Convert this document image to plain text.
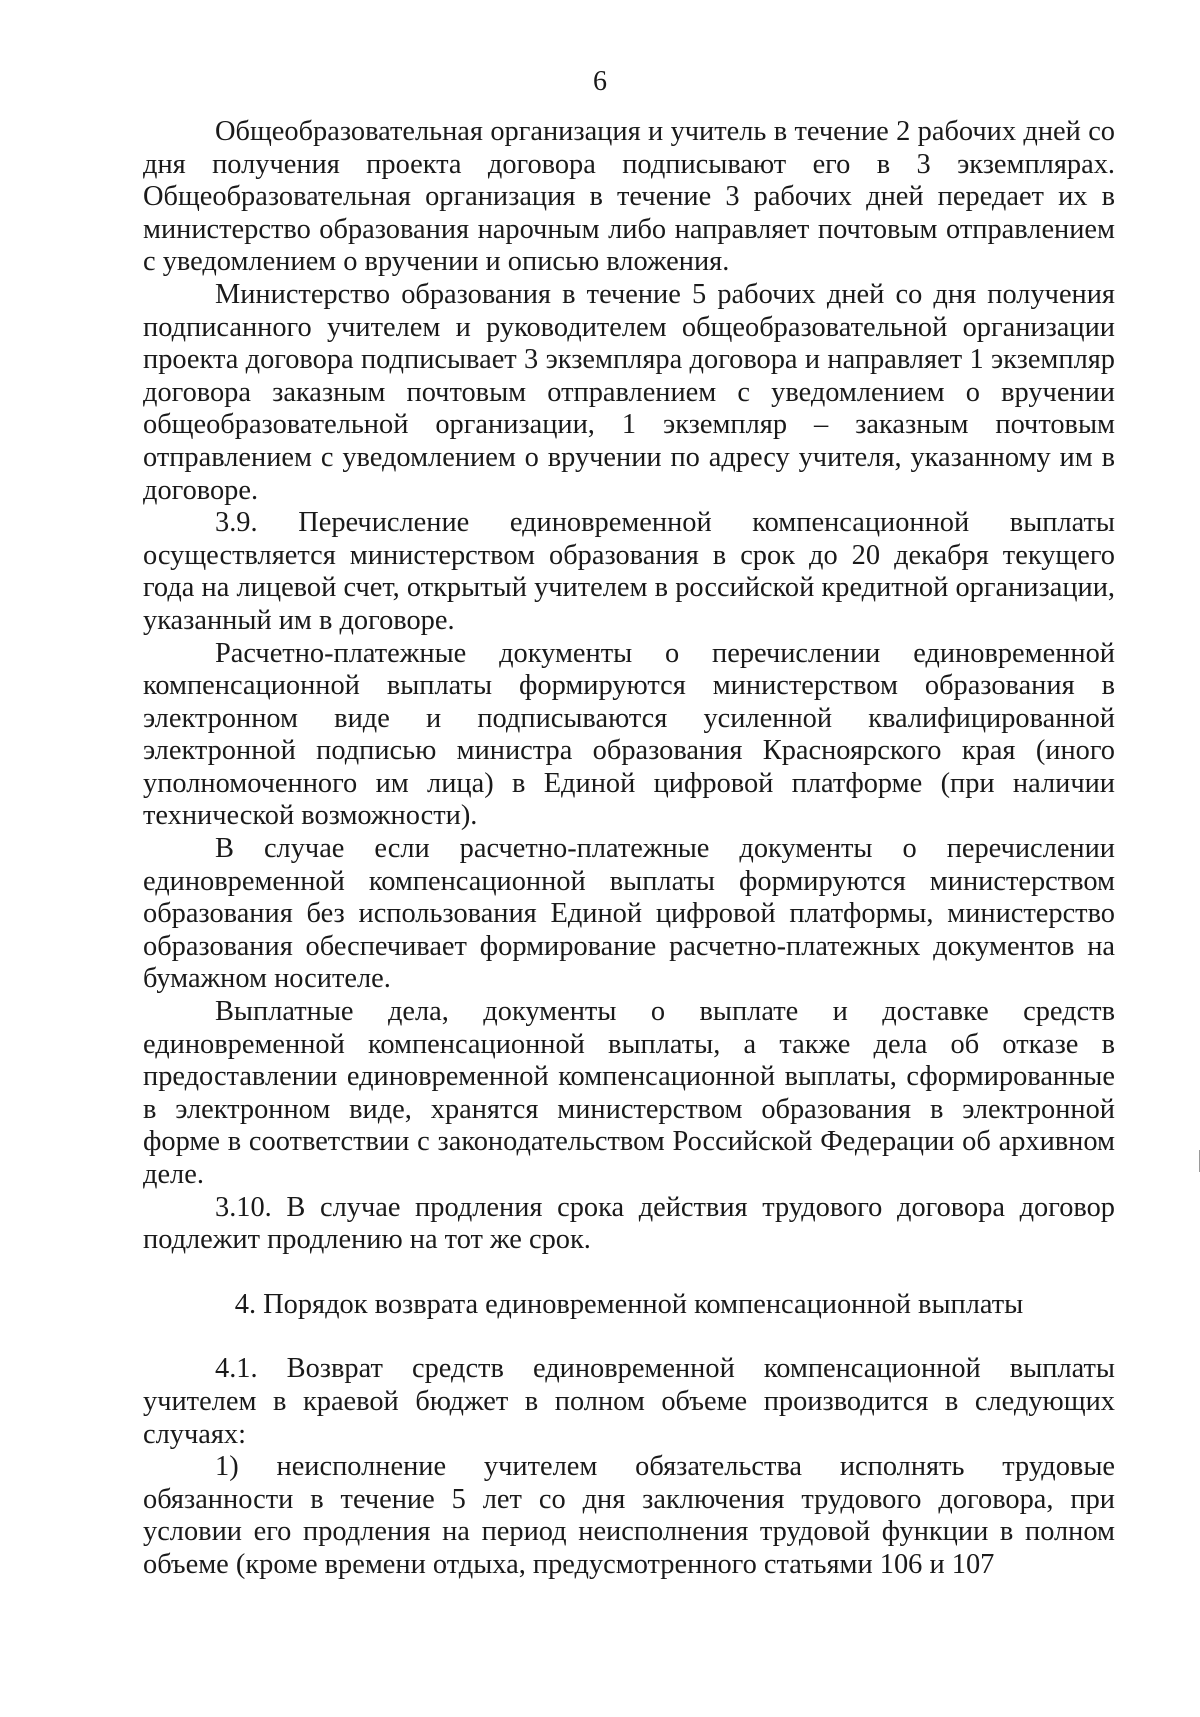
6

Общеобразовательная организация и учитель в течение 2 рабочих дней со дня получения проекта договора подписывают его в 3 экземплярах. Общеобразовательная организация в течение 3 рабочих дней передает их в министерство образования нарочным либо направляет почтовым отправлением с уведомлением о вручении и описью вложения.

Министерство образования в течение 5 рабочих дней со дня получения подписанного учителем и руководителем общеобразовательной организации проекта договора подписывает 3 экземпляра договора и направляет 1 экземпляр договора заказным почтовым отправлением с уведомлением о вручении общеобразовательной организации, 1 экземпляр – заказным почтовым отправлением с уведомлением о вручении по адресу учителя, указанному им в договоре.

3.9. Перечисление единовременной компенсационной выплаты осуществляется министерством образования в срок до 20 декабря текущего года на лицевой счет, открытый учителем в российской кредитной организации, указанный им в договоре.

Расчетно-платежные документы о перечислении единовременной компенсационной выплаты формируются министерством образования в электронном виде и подписываются усиленной квалифицированной электронной подписью министра образования Красноярского края (иного уполномоченного им лица) в Единой цифровой платформе (при наличии технической возможности).

В случае если расчетно-платежные документы о перечислении единовременной компенсационной выплаты формируются министерством образования без использования Единой цифровой платформы, министерство образования обеспечивает формирование расчетно-платежных документов на бумажном носителе.

Выплатные дела, документы о выплате и доставке средств единовременной компенсационной выплаты, а также дела об отказе в предоставлении единовременной компенсационной выплаты, сформированные в электронном виде, хранятся министерством образования в электронной форме в соответствии с законодательством Российской Федерации об архивном деле.

3.10. В случае продления срока действия трудового договора договор подлежит продлению на тот же срок.

4. Порядок возврата единовременной компенсационной выплаты

4.1. Возврат средств единовременной компенсационной выплаты учителем в краевой бюджет в полном объеме производится в следующих случаях:

1) неисполнение учителем обязательства исполнять трудовые обязанности в течение 5 лет со дня заключения трудового договора, при условии его продления на период неисполнения трудовой функции в полном объеме (кроме времени отдыха, предусмотренного статьями 106 и 107
